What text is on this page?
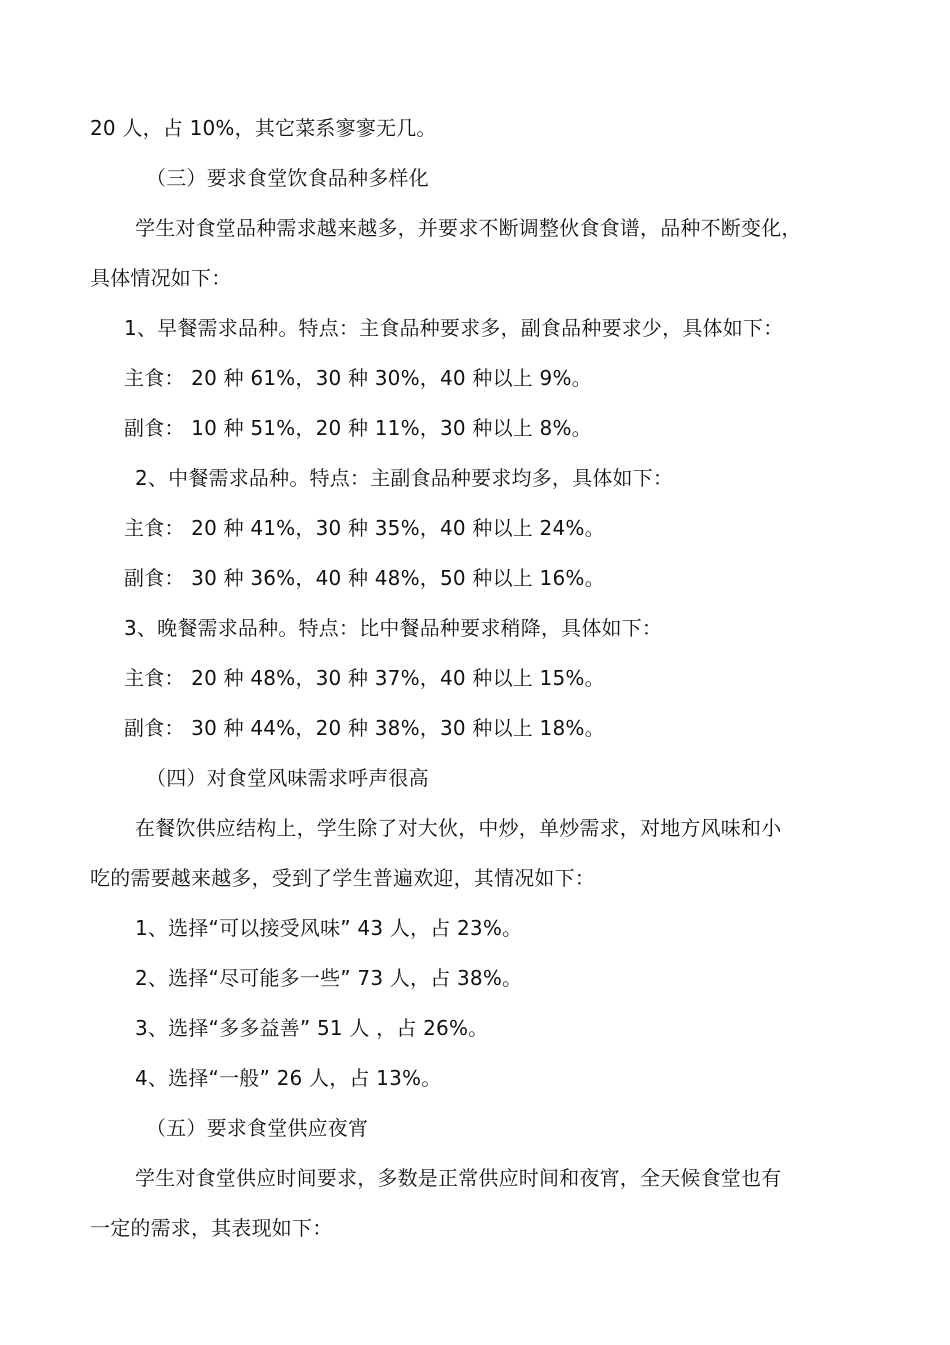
20 人，占 10%，其它菜系寥寥无几。
（三）要求食堂饮食品种多样化
学生对食堂品种需求越来越多，并要求不断调整伙食食谱，品种不断变化，
具体情况如下：
1、早餐需求品种。特点：主食品种要求多，副食品种要求少，具体如下：
主食： 20 种 61%，30 种 30%，40 种以上 9%。
副食： 10 种 51%，20 种 11%，30 种以上 8%。
2、中餐需求品种。特点：主副食品种要求均多，具体如下：
主食： 20 种 41%，30 种 35%，40 种以上 24%。
副食： 30 种 36%，40 种 48%，50 种以上 16%。
3、晚餐需求品种。特点：比中餐品种要求稍降，具体如下：
主食： 20 种 48%，30 种 37%，40 种以上 15%。
副食： 30 种 44%，20 种 38%，30 种以上 18%。
（四）对食堂风味需求呼声很高
在餐饮供应结构上，学生除了对大伙，中炒，单炒需求，对地方风味和小
吃的需要越来越多，受到了学生普遍欢迎，其情况如下：
1、选择“可以接受风味” 43 人，占 23%。
2、选择“尽可能多一些” 73 人，占 38%。
3、选择“多多益善” 51 人 ，占 26%。
4、选择“一般” 26 人，占 13%。
（五）要求食堂供应夜宵
学生对食堂供应时间要求，多数是正常供应时间和夜宵，全天候食堂也有
一定的需求，其表现如下：
